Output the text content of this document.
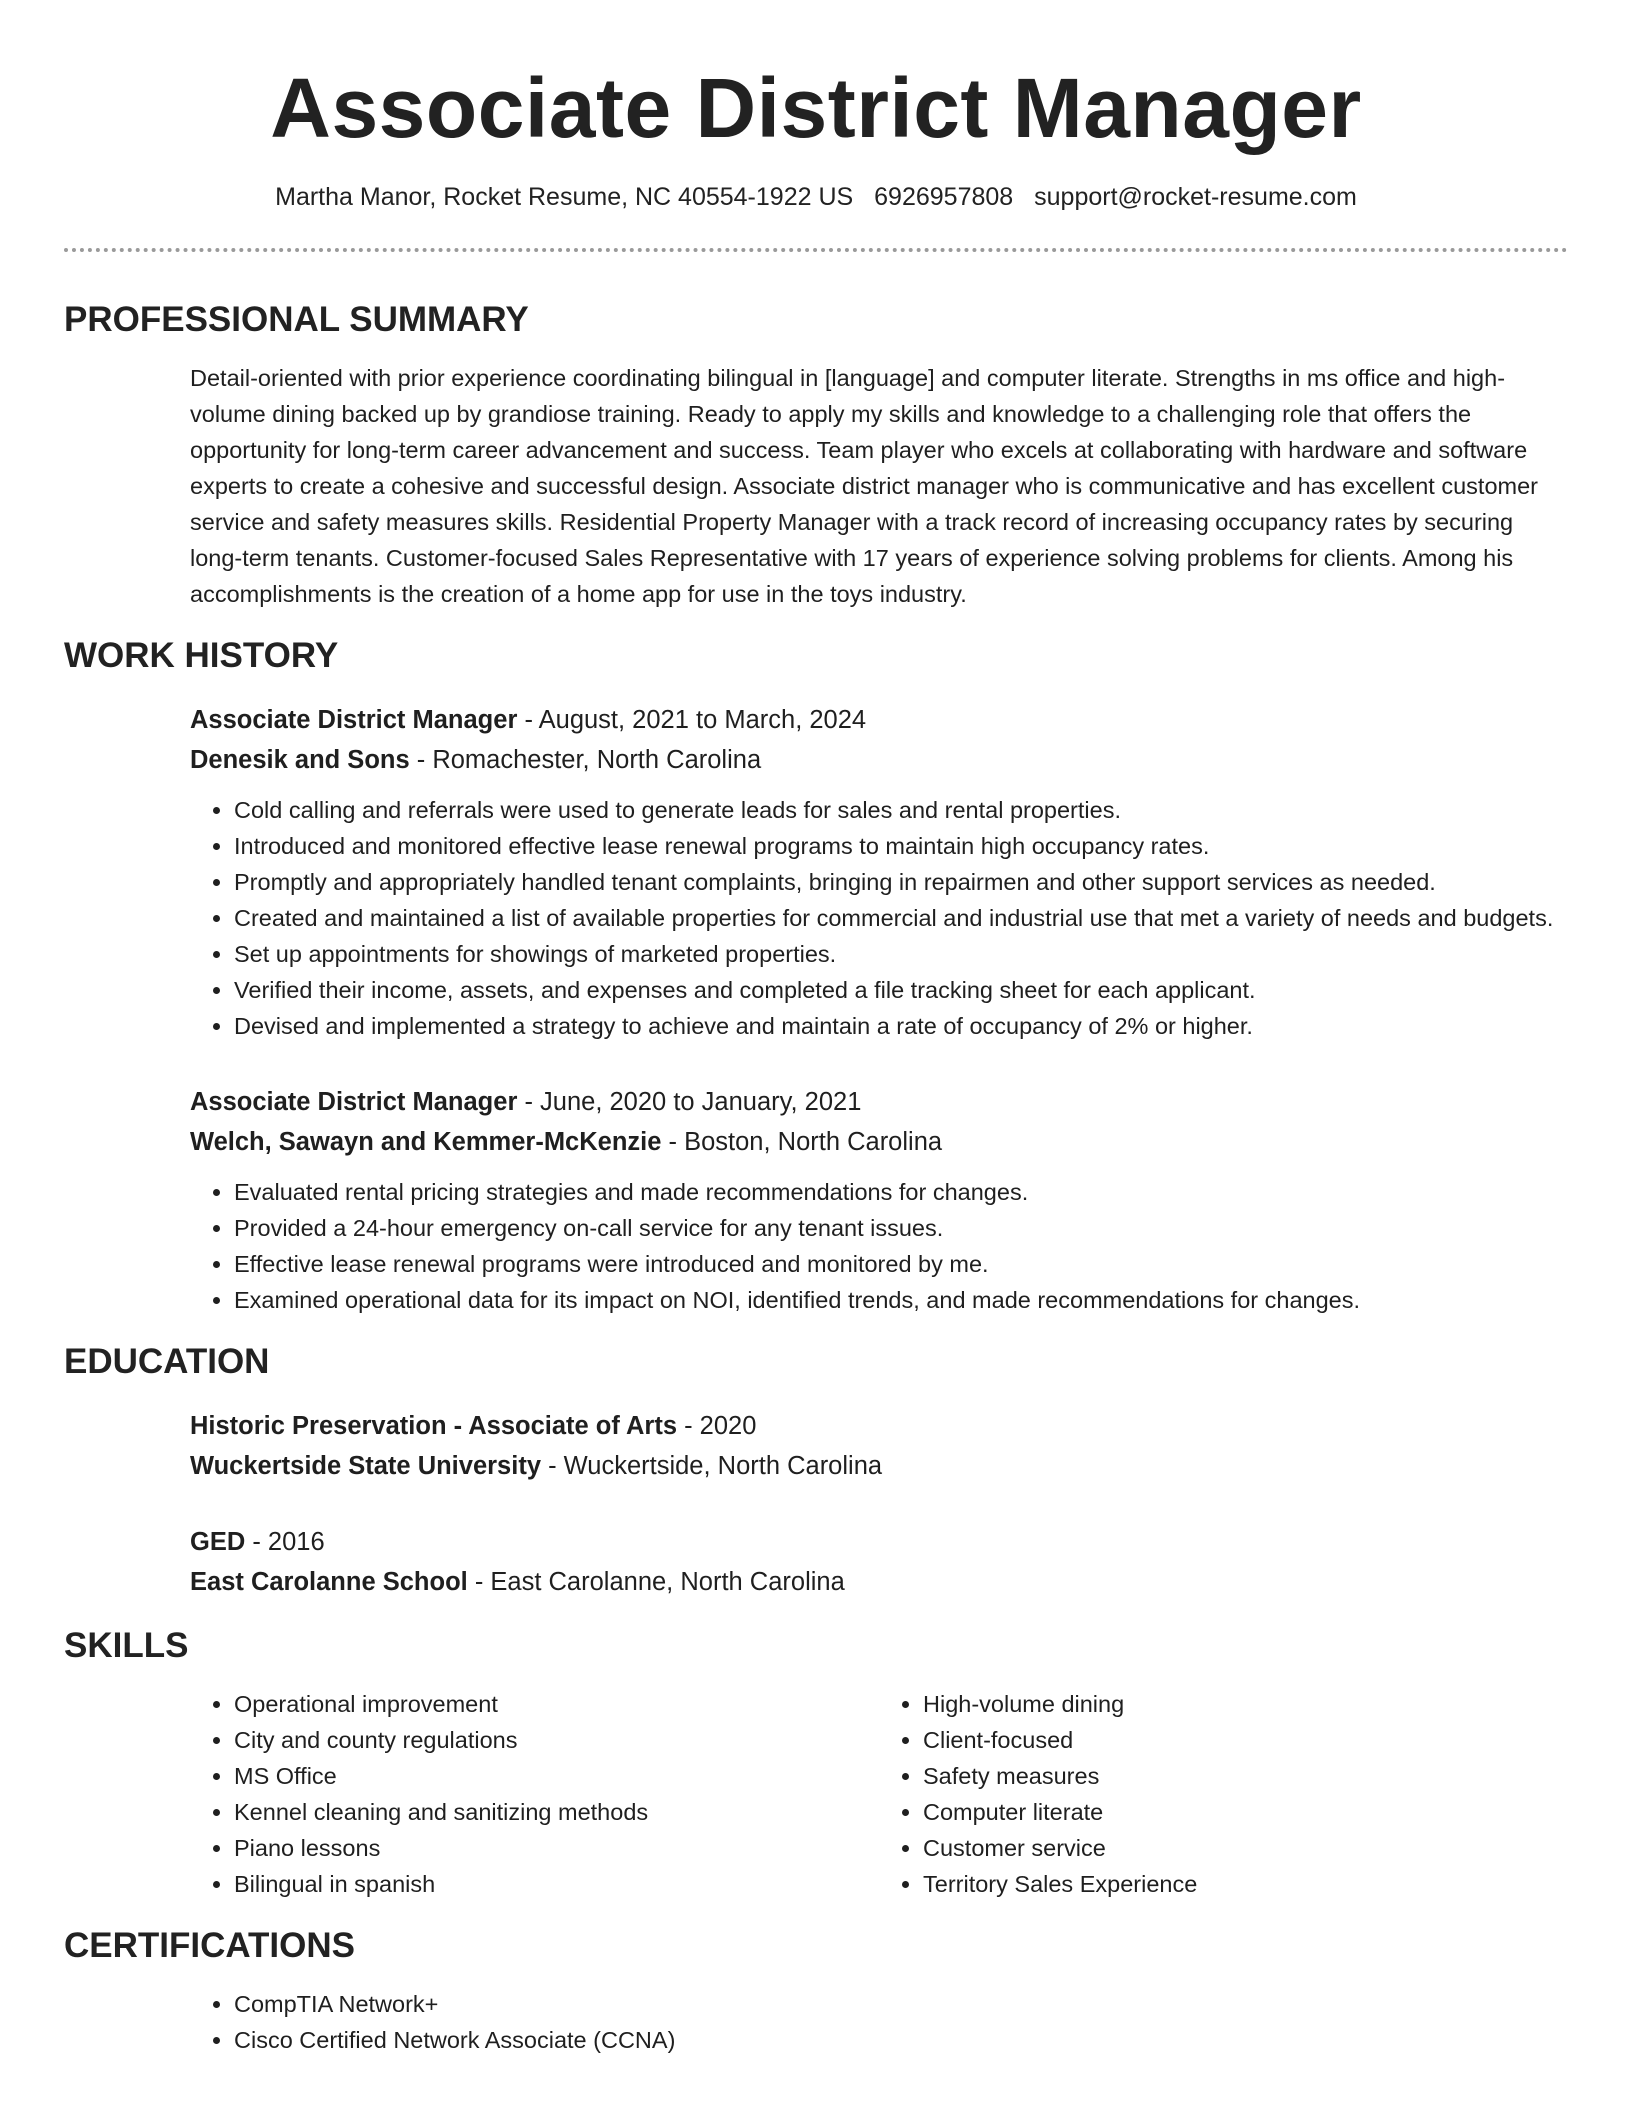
Associate District Manager
Martha Manor, Rocket Resume, NC 40554-1922 US 6926957808 support@rocket-resume.com
PROFESSIONAL SUMMARY

Detail-oriented with prior experience coordinating bilingual in [language] and computer literate. Strengths in ms office and high-volume dining backed up by grandiose training. Ready to apply my skills and knowledge to a challenging role that offers the opportunity for long-term career advancement and success. Team player who excels at collaborating with hardware and software experts to create a cohesive and successful design. Associate district manager who is communicative and has excellent customer service and safety measures skills. Residential Property Manager with a track record of increasing occupancy rates by securing long-term tenants. Customer-focused Sales Representative with 17 years of experience solving problems for clients. Among his accomplishments is the creation of a home app for use in the toys industry.

WORK HISTORY
Associate District Manager - August, 2021 to March, 2024
Denesik and Sons - Romachester, North Carolina
• Cold calling and referrals were used to generate leads for sales and rental properties.
• Introduced and monitored effective lease renewal programs to maintain high occupancy rates.
• Promptly and appropriately handled tenant complaints, bringing in repairmen and other support services as needed.
• Created and maintained a list of available properties for commercial and industrial use that met a variety of needs and budgets.
• Set up appointments for showings of marketed properties.
• Verified their income, assets, and expenses and completed a file tracking sheet for each applicant.
• Devised and implemented a strategy to achieve and maintain a rate of occupancy of 2% or higher.
Associate District Manager - June, 2020 to January, 2021
Welch, Sawayn and Kemmer-McKenzie - Boston, North Carolina
• Evaluated rental pricing strategies and made recommendations for changes.
• Provided a 24-hour emergency on-call service for any tenant issues.
• Effective lease renewal programs were introduced and monitored by me.
• Examined operational data for its impact on NOI, identified trends, and made recommendations for changes.
EDUCATION
Historic Preservation - Associate of Arts - 2020
Wuckertside State University - Wuckertside, North Carolina
GED - 2016
East Carolanne School - East Carolanne, North Carolina
SKILLS
• Operational improvement
• City and county regulations
• MS Office
• Kennel cleaning and sanitizing methods
• Piano lessons
• Bilingual in spanish
• High-volume dining
• Client-focused
• Safety measures
• Computer literate
• Customer service
• Territory Sales Experience
CERTIFICATIONS
• CompTIA Network+
• Cisco Certified Network Associate (CCNA)
